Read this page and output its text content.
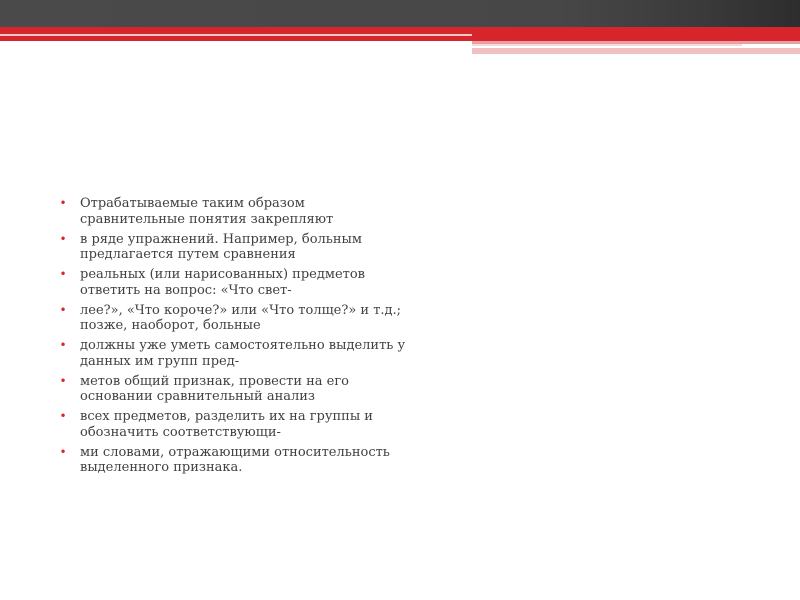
• Отрабатываемые таким образом сравнительные понятия закрепляют
• в ряде упражнений. Например, больным предлагается путем сравнения
• реальных (или нарисованных) предметов ответить на вопрос: «Что свет-
• лее?», «Что короче?» или «Что толще?» и т.д.; позже, наоборот, больные
• должны уже уметь самостоятельно выделить у данных им групп пред-
• метов общий признак, провести на его основании сравнительный анализ
• всех предметов, разделить их на группы и обозначить соответствующи-
• ми словами, отражающими относительность выделенного признака.
